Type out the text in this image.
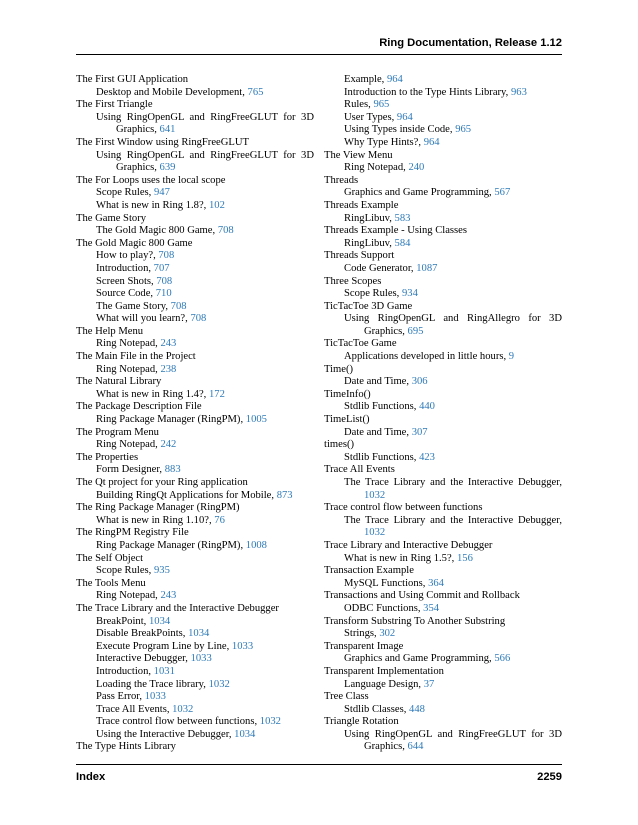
Ring Documentation, Release 1.12

The First GUI Application

Desktop and Mobile Development, 765

The First Triangle

Using RingOpenGL and RingFreeGLUT for 3D Graphics, 641

The First Window using RingFreeGLUT

Using RingOpenGL and RingFreeGLUT for 3D Graphics, 639

The For Loops uses the local scope

Scope Rules, 947

What is new in Ring 1.8?, 102

The Game Story

The Gold Magic 800 Game, 708

The Gold Magic 800 Game

How to play?, 708

Introduction, 707

Screen Shots, 708

Source Code, 710

The Game Story, 708

What will you learn?, 708

The Help Menu

Ring Notepad, 243

The Main File in the Project

Ring Notepad, 238

The Natural Library

What is new in Ring 1.4?, 172

The Package Description File

Ring Package Manager (RingPM), 1005

The Program Menu

Ring Notepad, 242

The Properties

Form Designer, 883

The Qt project for your Ring application

Building RingQt Applications for Mobile, 873

The Ring Package Manager (RingPM)

What is new in Ring 1.10?, 76

The RingPM Registry File

Ring Package Manager (RingPM), 1008

The Self Object

Scope Rules, 935

The Tools Menu

Ring Notepad, 243

The Trace Library and the Interactive Debugger

BreakPoint, 1034

Disable BreakPoints, 1034

Execute Program Line by Line, 1033

Interactive Debugger, 1033

Introduction, 1031

Loading the Trace library, 1032

Pass Error, 1033

Trace All Events, 1032

Trace control flow between functions, 1032

Using the Interactive Debugger, 1034

The Type Hints Library

Example, 964

Introduction to the Type Hints Library, 963

Rules, 965

User Types, 964

Using Types inside Code, 965

Why Type Hints?, 964

The View Menu

Ring Notepad, 240

Threads

Graphics and Game Programming, 567

Threads Example

RingLibuv, 583

Threads Example - Using Classes

RingLibuv, 584

Threads Support

Code Generator, 1087

Three Scopes

Scope Rules, 934

TicTacToe 3D Game

Using RingOpenGL and RingAllegro for 3D Graphics, 695

TicTacToe Game

Applications developed in little hours, 9

Time()

Date and Time, 306

TimeInfo()

Stdlib Functions, 440

TimeList()

Date and Time, 307

times()

Stdlib Functions, 423

Trace All Events

The Trace Library and the Interactive Debugger, 1032

Trace control flow between functions

The Trace Library and the Interactive Debugger, 1032

Trace Library and Interactive Debugger

What is new in Ring 1.5?, 156

Transaction Example

MySQL Functions, 364

Transactions and Using Commit and Rollback

ODBC Functions, 354

Transform Substring To Another Substring

Strings, 302

Transparent Image

Graphics and Game Programming, 566

Transparent Implementation

Language Design, 37

Tree Class

Stdlib Classes, 448

Triangle Rotation

Using RingOpenGL and RingFreeGLUT for 3D Graphics, 644

Index	2259
